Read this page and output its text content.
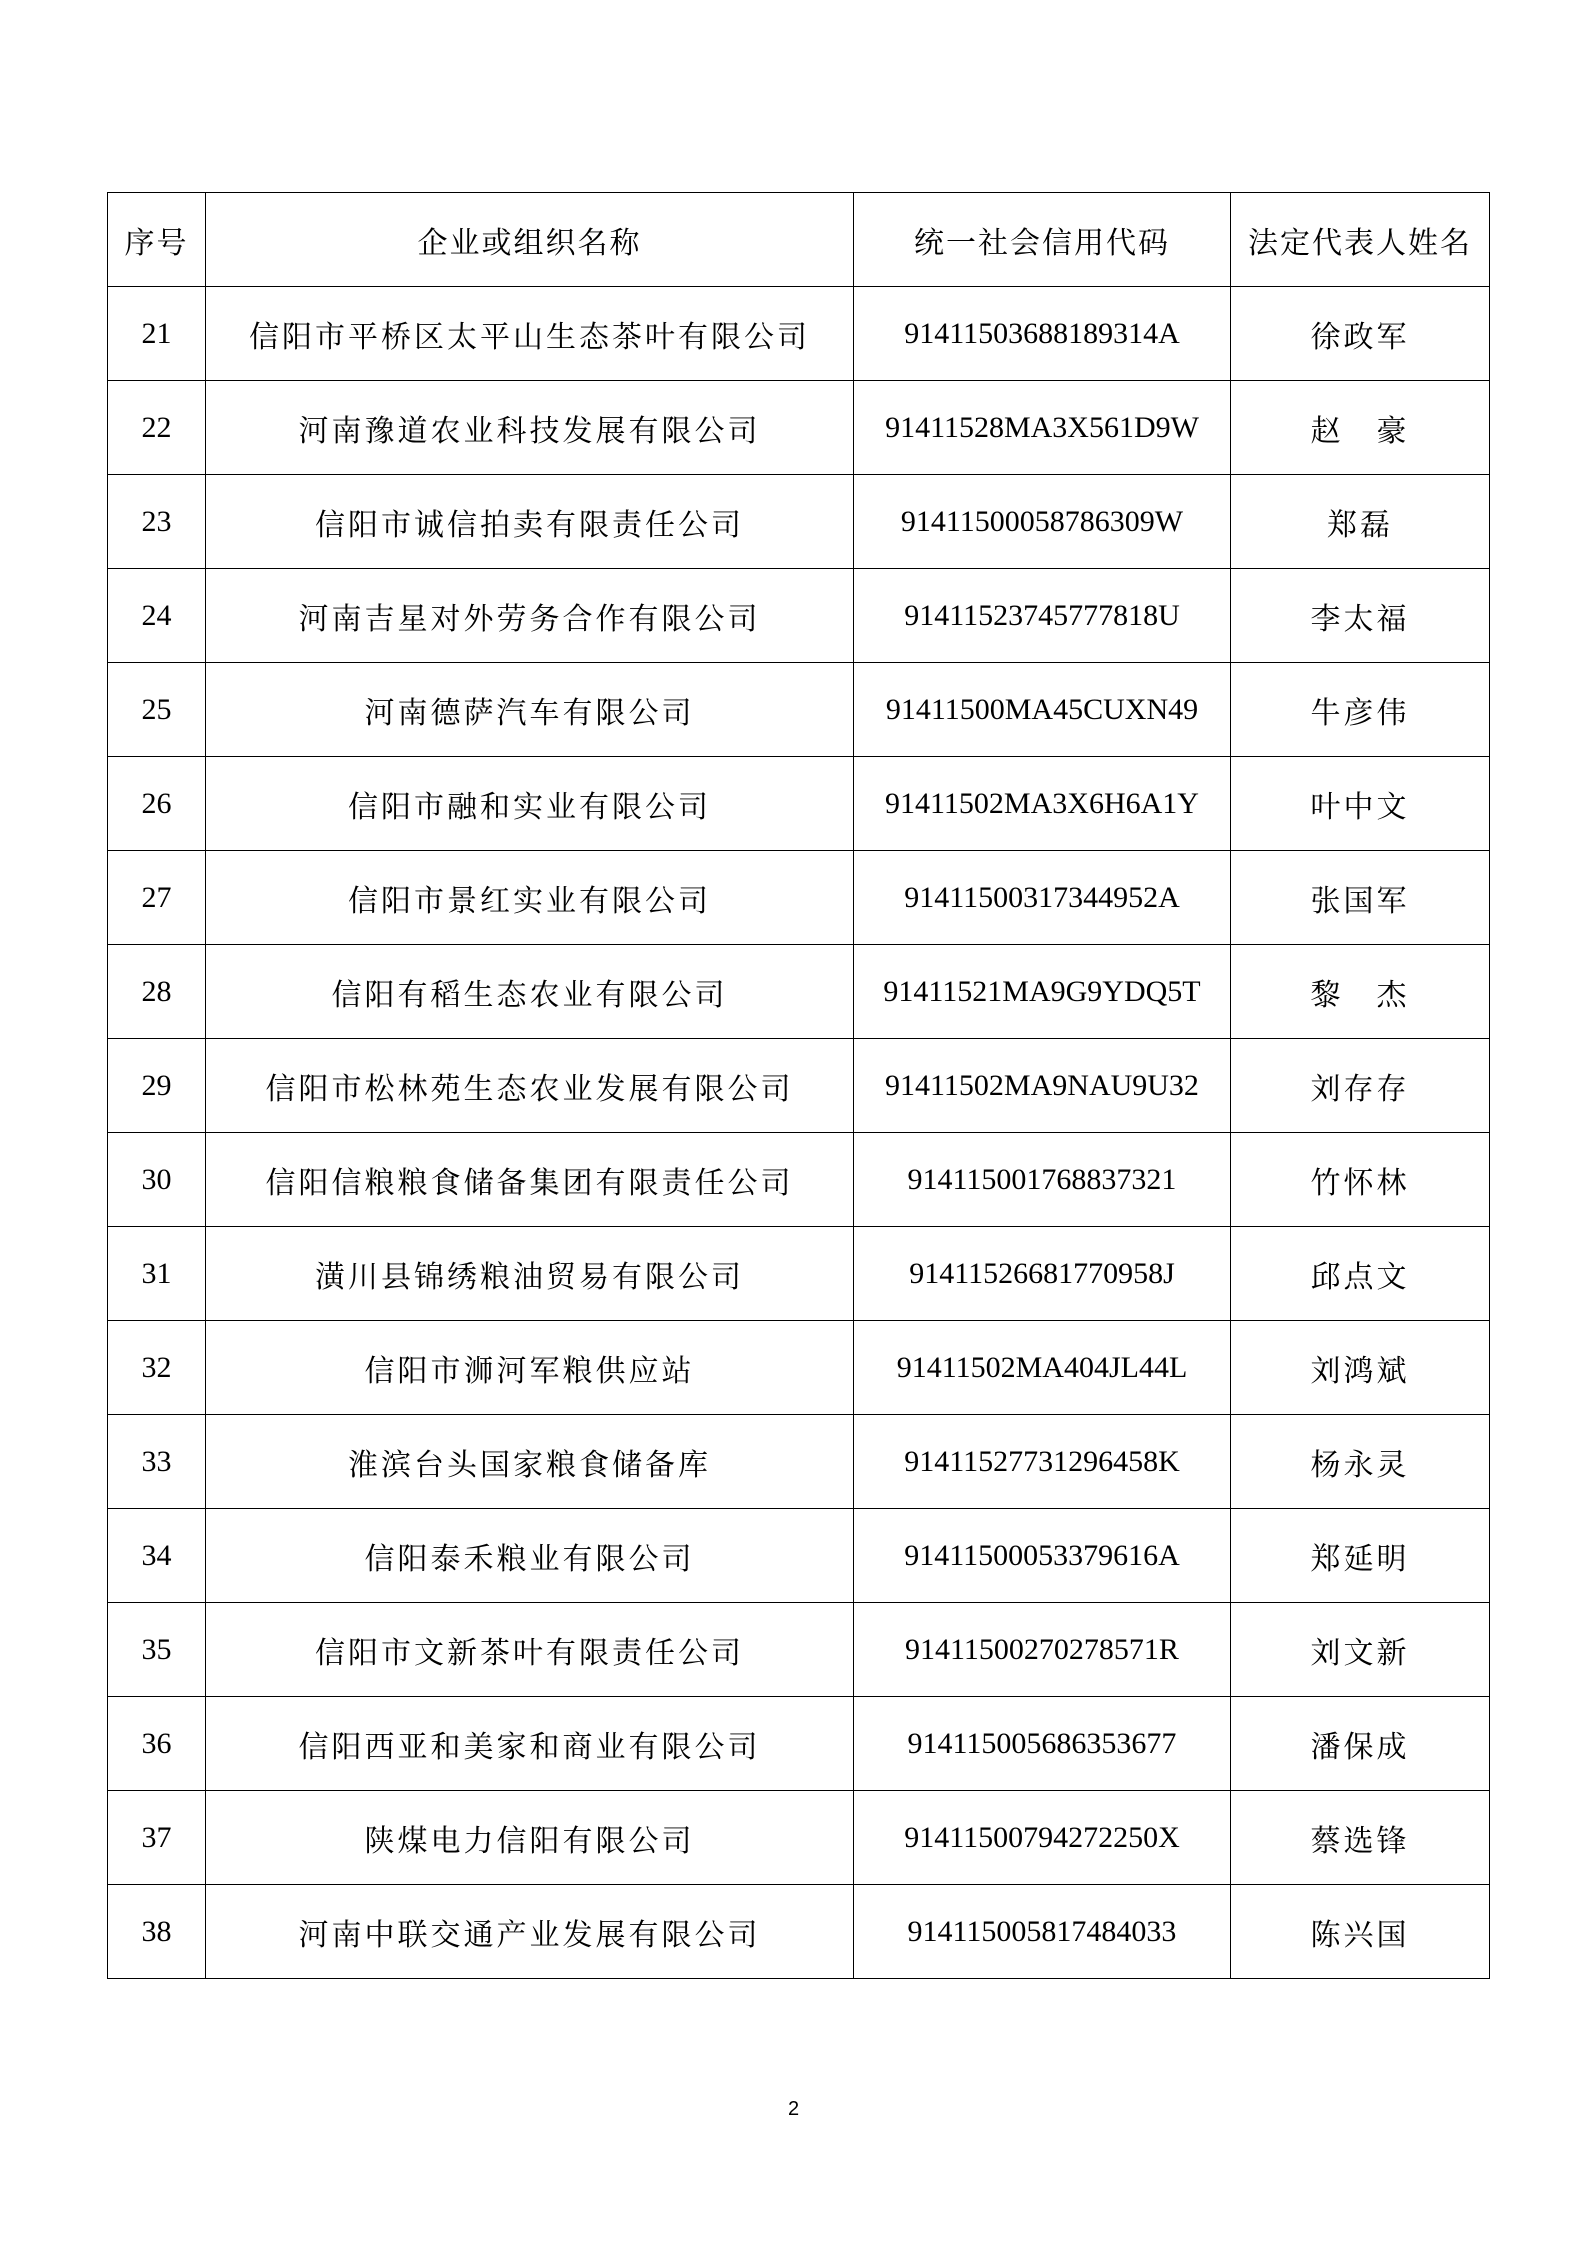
序号	企业或组织名称	统一社会信用代码	法定代表人姓名
21	信阳市平桥区太平山生态茶叶有限公司	91411503688189314A	徐政军
22	河南豫道农业科技发展有限公司	91411528MA3X561D9W	赵　豪
23	信阳市诚信拍卖有限责任公司	91411500058786309W	郑磊
24	河南吉星对外劳务合作有限公司	91411523745777818U	李太福
25	河南德萨汽车有限公司	91411500MA45CUXN49	牛彦伟
26	信阳市融和实业有限公司	91411502MA3X6H6A1Y	叶中文
27	信阳市景红实业有限公司	91411500317344952A	张国军
28	信阳有稻生态农业有限公司	91411521MA9G9YDQ5T	黎　杰
29	信阳市松林苑生态农业发展有限公司	91411502MA9NAU9U32	刘存存
30	信阳信粮粮食储备集团有限责任公司	914115001768837321	竹怀林
31	潢川县锦绣粮油贸易有限公司	91411526681770958J	邱点文
32	信阳市浉河军粮供应站	91411502MA404JL44L	刘鸿斌
33	淮滨台头国家粮食储备库	91411527731296458K	杨永灵
34	信阳泰禾粮业有限公司	91411500053379616A	郑延明
35	信阳市文新茶叶有限责任公司	91411500270278571R	刘文新
36	信阳西亚和美家和商业有限公司	914115005686353677	潘保成
37	陕煤电力信阳有限公司	91411500794272250X	蔡选锋
38	河南中联交通产业发展有限公司	914115005817484033	陈兴国
2
